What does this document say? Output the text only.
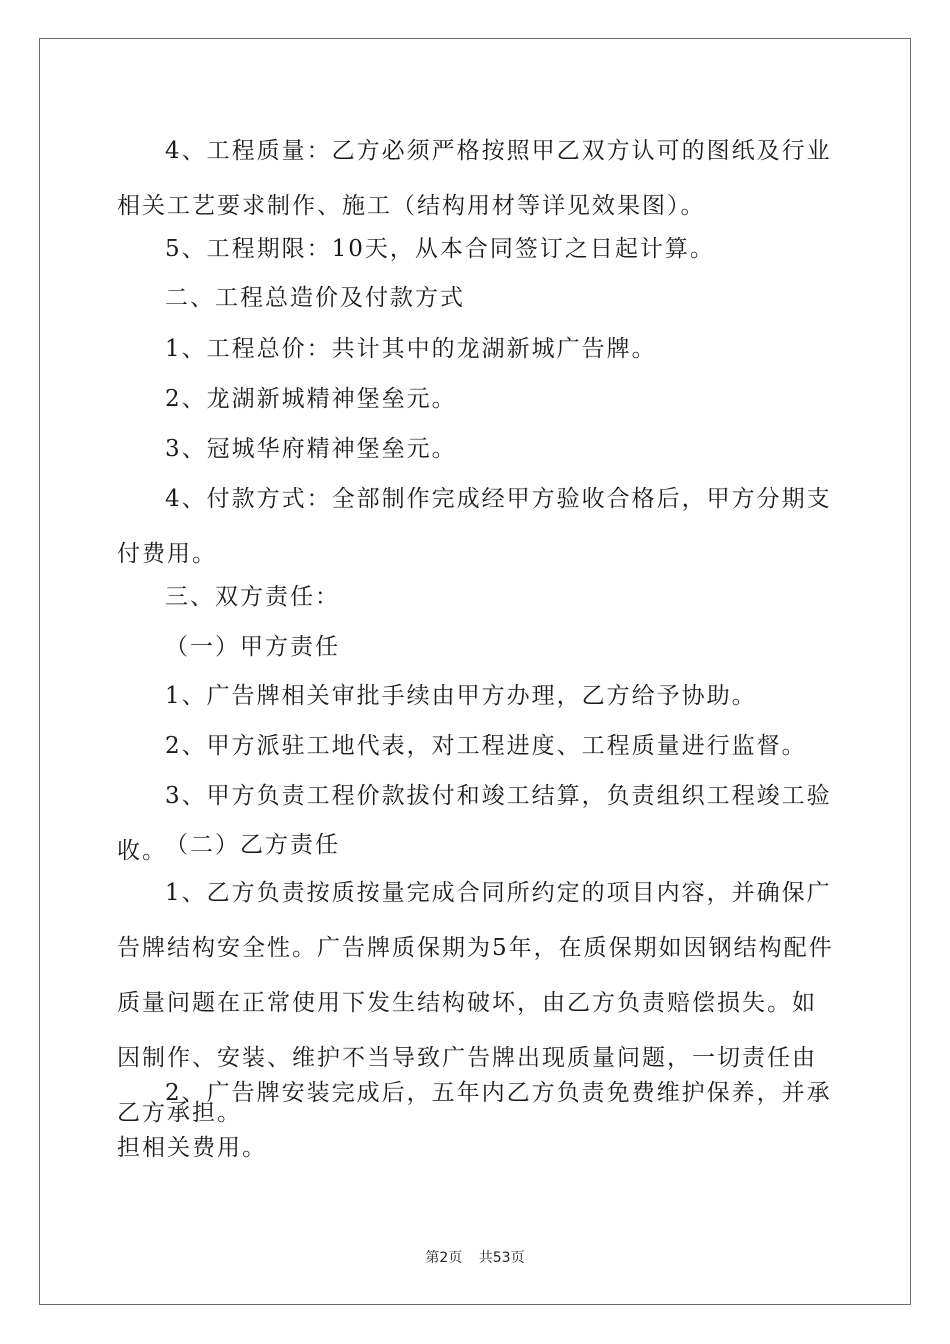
4、工程质量：乙方必须严格按照甲乙双方认可的图纸及行业相关工艺要求制作、施工（结构用材等详见效果图）。

5、工程期限：10天，从本合同签订之日起计算。

二、工程总造价及付款方式

1、工程总价：共计其中的龙湖新城广告牌。

2、龙湖新城精神堡垒元。

3、冠城华府精神堡垒元。

4、付款方式：全部制作完成经甲方验收合格后，甲方分期支付费用。

三、双方责任：

（一）甲方责任

1、广告牌相关审批手续由甲方办理，乙方给予协助。

2、甲方派驻工地代表，对工程进度、工程质量进行监督。

3、甲方负责工程价款拔付和竣工结算，负责组织工程竣工验收。

（二）乙方责任

1、乙方负责按质按量完成合同所约定的项目内容，并确保广告牌结构安全性。广告牌质保期为5年，在质保期如因钢结构配件质量问题在正常使用下发生结构破坏，由乙方负责赔偿损失。如因制作、安装、维护不当导致广告牌出现质量问题，一切责任由乙方承担。

2、广告牌安装完成后，五年内乙方负责免费维护保养，并承担相关费用。

第2页 共53页
